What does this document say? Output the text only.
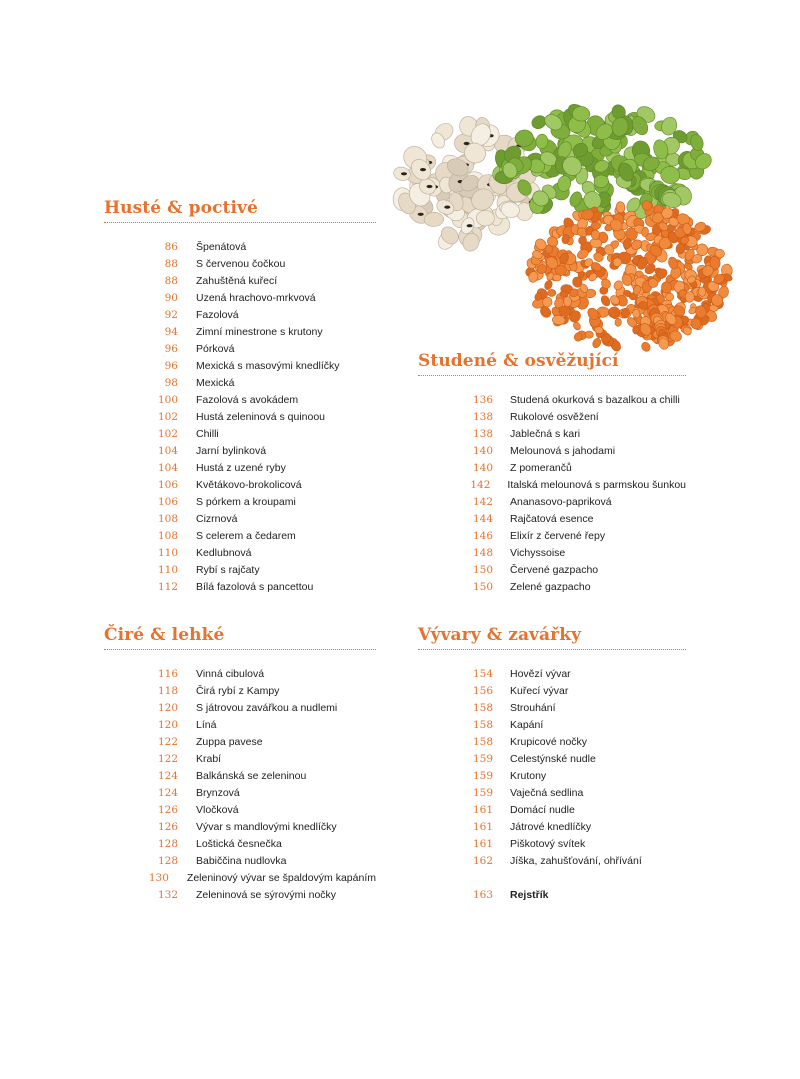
Husté & poctivé
86 Špenátová
88 S červenou čočkou
88 Zahuštěná kuřecí
90 Uzená hrachovo-mrkvová
92 Fazolová
94 Zimní minestrone s krutony
96 Pórková
96 Mexická s masovými knedlíčky
98 Mexická
100 Fazolová s avokádem
102 Hustá zeleninová s quinoou
102 Chilli
104 Jarní bylinková
104 Hustá z uzené ryby
106 Květákovo-brokolicová
106 S pórkem a kroupami
108 Cizrnová
108 S celerem a čedarem
110 Kedlubnová
110 Rybí s rajčaty
112 Bílá fazolová s pancettou
Čiré & lehké
116 Vinná cibulová
118 Čirá rybí z Kampy
120 S játrovou zavářkou a nudlemi
120 Líná
122 Zuppa pavese
122 Krabí
124 Balkánská se zeleninou
124 Brynzová
126 Vločková
126 Vývar s mandlovými knedlíčky
128 Loštická česnečka
128 Babiččina nudlovka
130 Zeleninový vývar se špaldovým kapáním
132 Zeleninová se sýrovými nočky
Studené & osvěžující
136 Studená okurková s bazalkou a chilli
138 Rukolové osvěžení
138 Jablečná s kari
140 Melounová s jahodami
140 Z pomerančů
142 Italská melounová s parmskou šunkou
142 Ananasovo-papriková
144 Rajčatová esence
146 Elixír z červené řepy
148 Vichyssoise
150 Červené gazpacho
150 Zelené gazpacho
Vývary & zavářky
154 Hovězí vývar
156 Kuřecí vývar
158 Strouhání
158 Kapání
158 Krupicové nočky
159 Celestýnské nudle
159 Krutony
159 Vaječná sedlina
161 Domácí nudle
161 Játrové knedlíčky
161 Piškotový svítek
162 Jíška, zahušťování, ohřívání
163 Rejstřík
